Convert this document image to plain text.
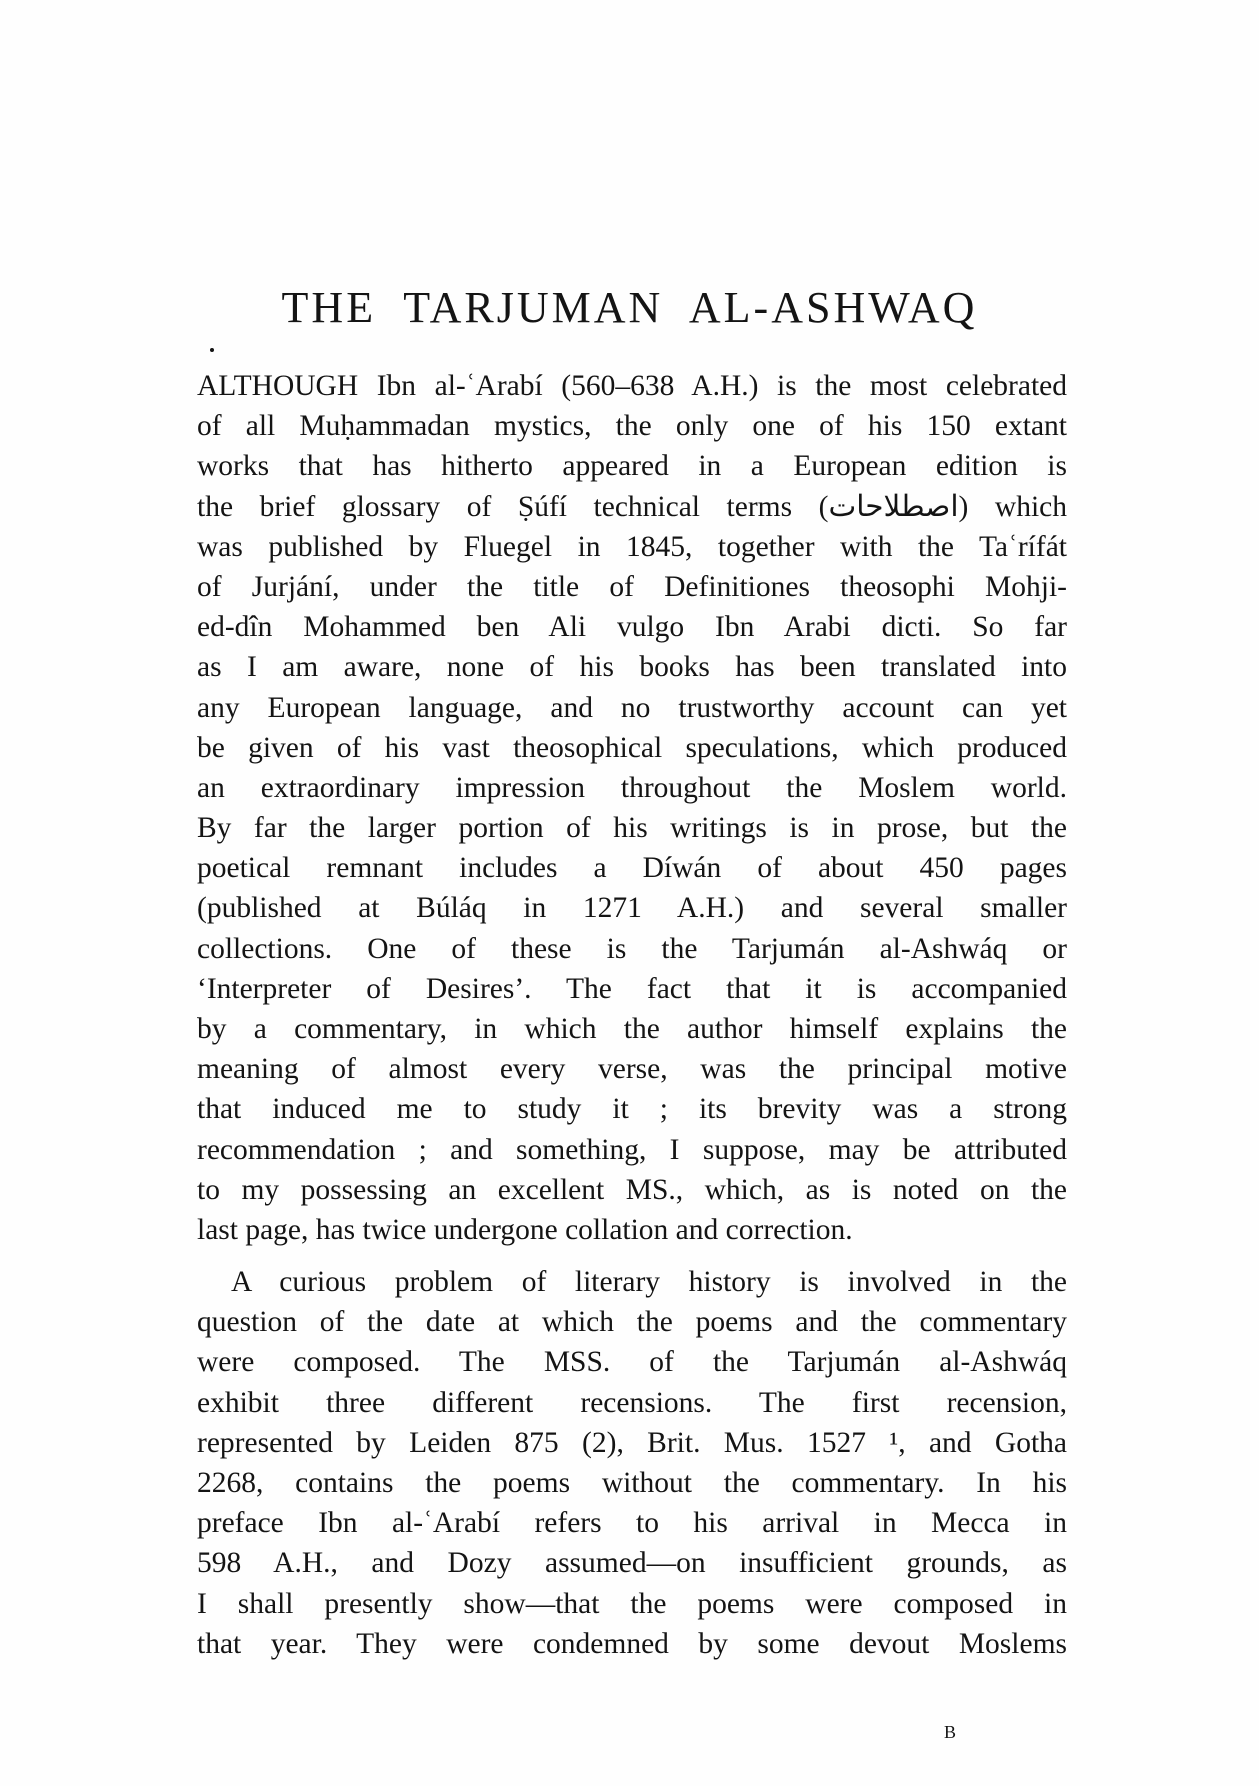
THE TARJUMAN AL-ASHWAQ
ALTHOUGH Ibn al-ʿArabí (560–638 A.H.) is the most celebrated
of all Muḥammadan mystics, the only one of his 150 extant
works that has hitherto appeared in a European edition is
the brief glossary of Ṣúfí technical terms (اصطلاحات) which
was published by Fluegel in 1845, together with the Taʿrífát
of Jurjání, under the title of Definitiones theosophi Mohji-
ed-dîn Mohammed ben Ali vulgo Ibn Arabi dicti. So far
as I am aware, none of his books has been translated into
any European language, and no trustworthy account can yet
be given of his vast theosophical speculations, which produced
an extraordinary impression throughout the Moslem world.
By far the larger portion of his writings is in prose, but the
poetical remnant includes a Díwán of about 450 pages
(published at Búláq in 1271 A.H.) and several smaller
collections. One of these is the Tarjumán al-Ashwáq or
‘Interpreter of Desires’. The fact that it is accompanied
by a commentary, in which the author himself explains the
meaning of almost every verse, was the principal motive
that induced me to study it ; its brevity was a strong
recommendation ; and something, I suppose, may be attributed
to my possessing an excellent MS., which, as is noted on the
last page, has twice undergone collation and correction.
A curious problem of literary history is involved in the
question of the date at which the poems and the commentary
were composed. The MSS. of the Tarjumán al-Ashwáq
exhibit three different recensions. The first recension,
represented by Leiden 875 (2), Brit. Mus. 1527 ¹, and Gotha
2268, contains the poems without the commentary. In his
preface Ibn al-ʿArabí refers to his arrival in Mecca in
598 A.H., and Dozy assumed—on insufficient grounds, as
I shall presently show—that the poems were composed in
that year. They were condemned by some devout Moslems
B
